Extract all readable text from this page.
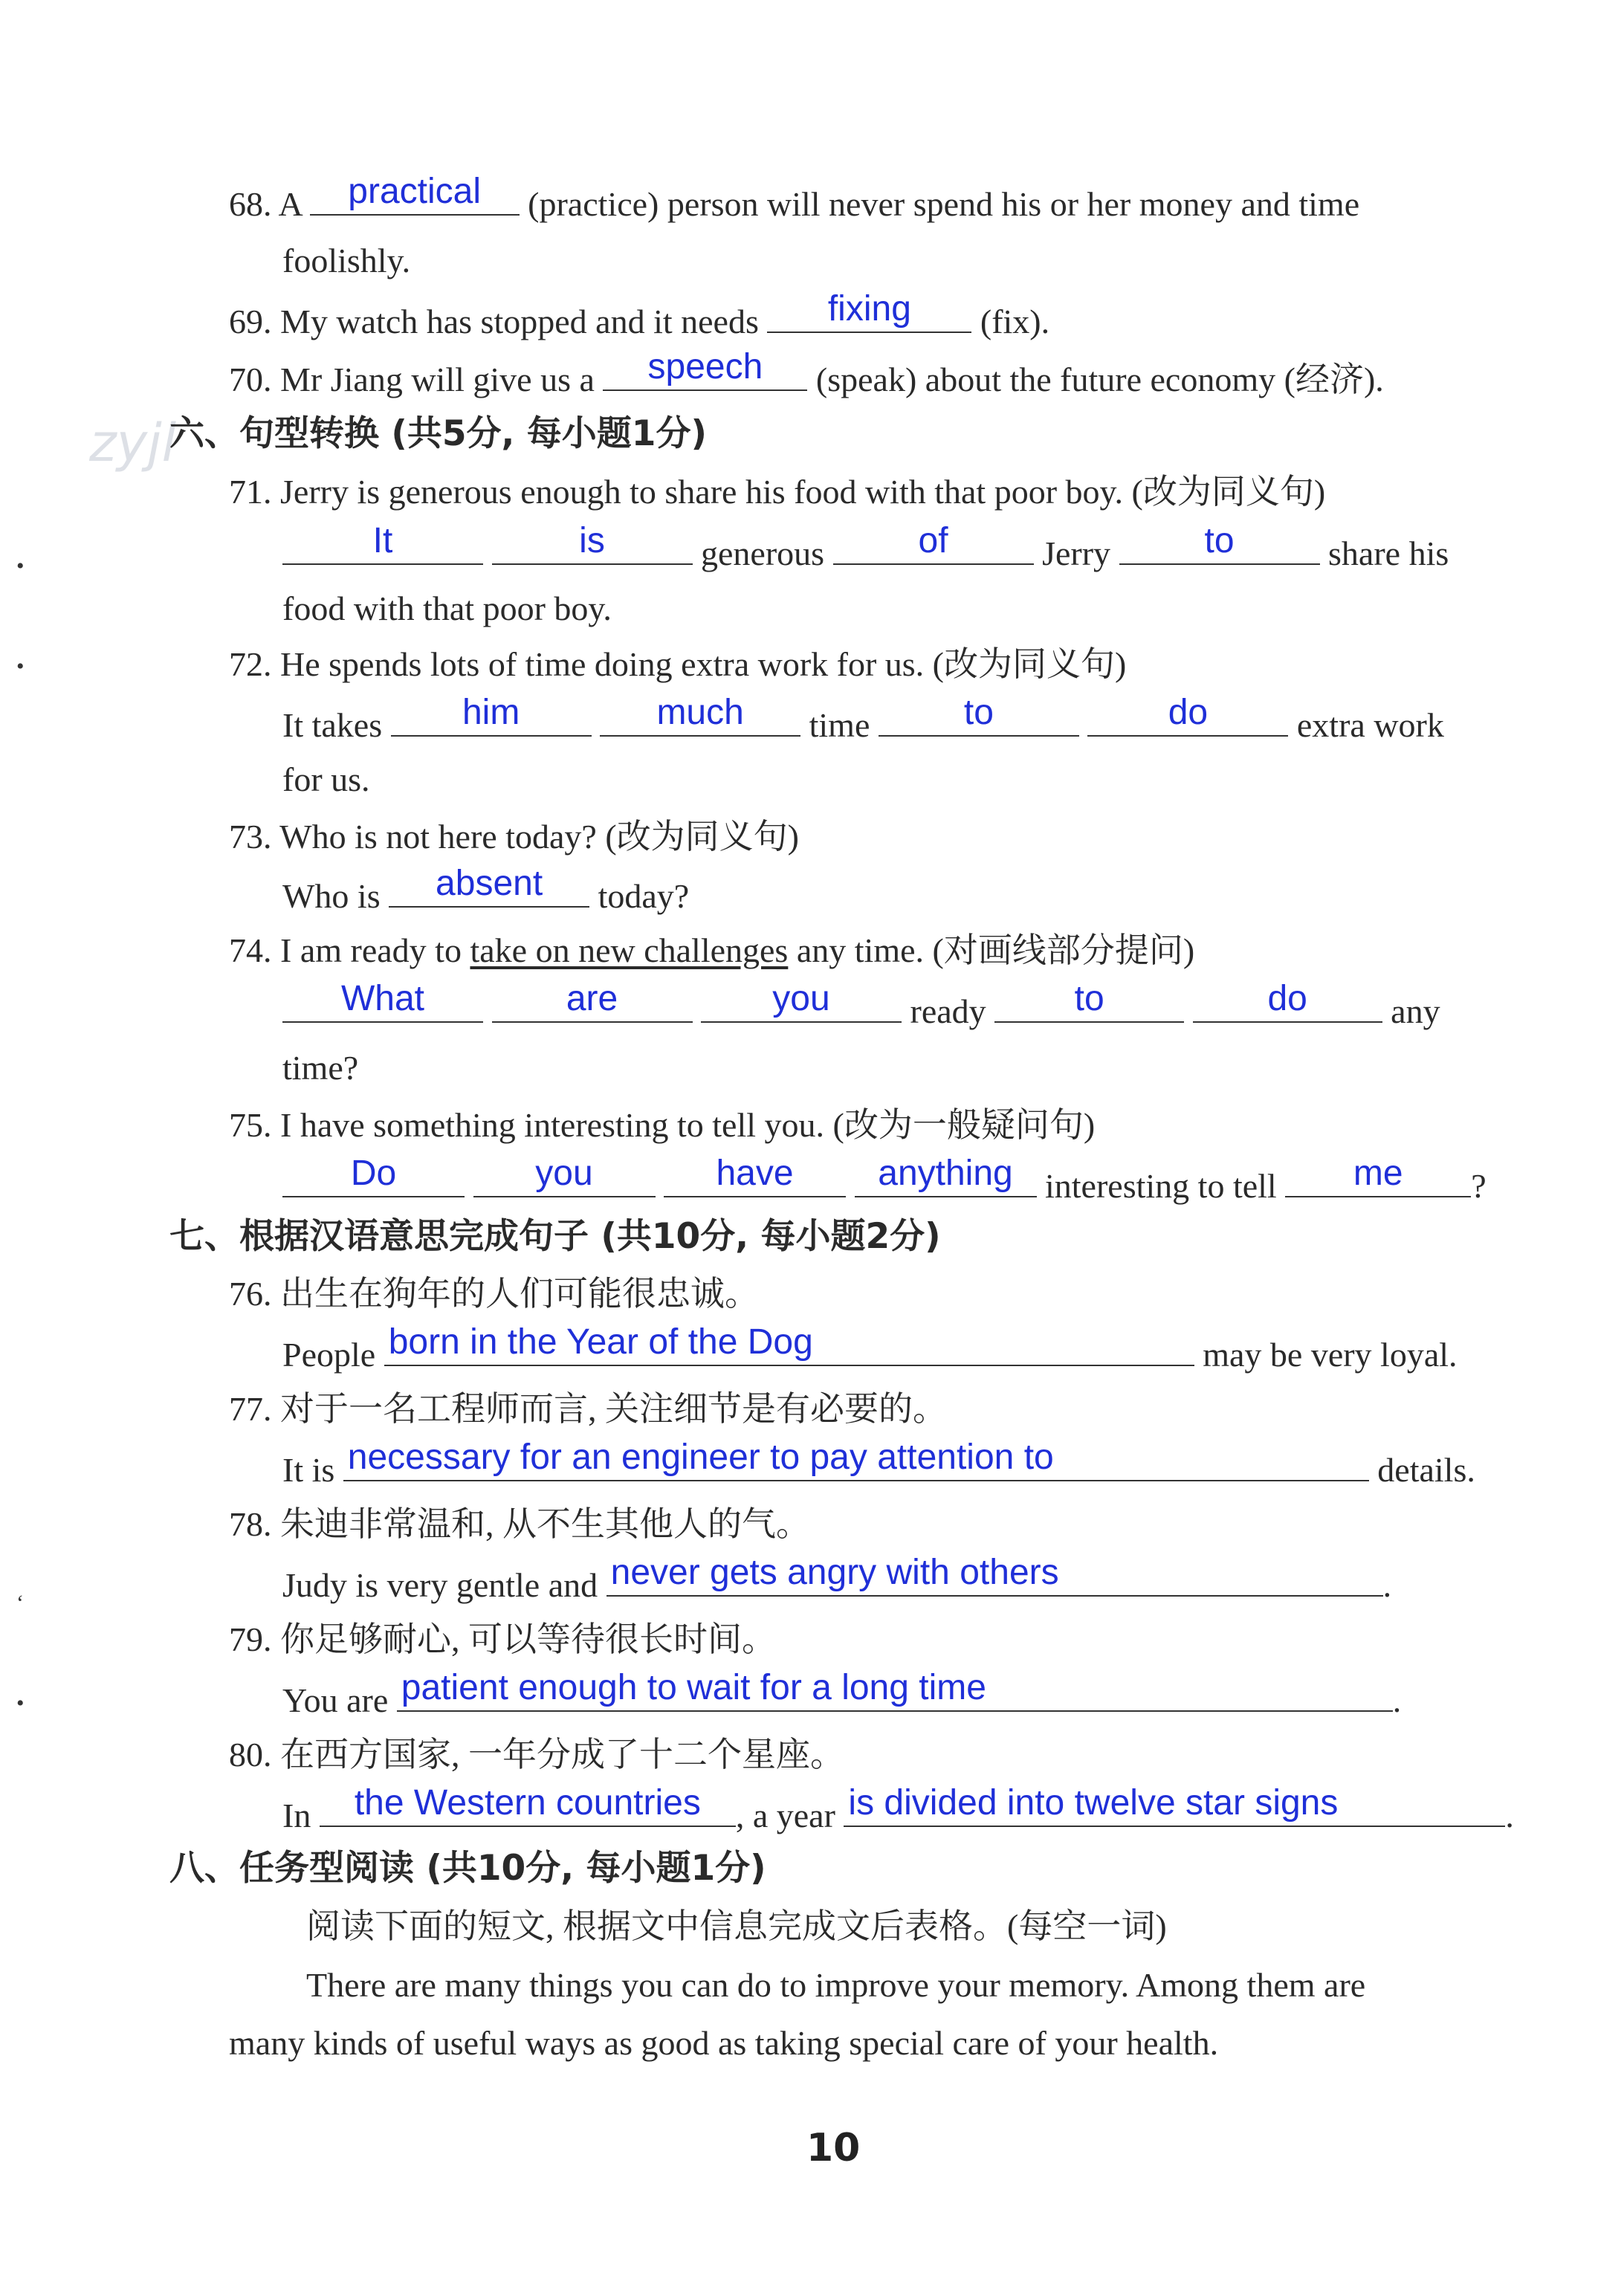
zyjl
•
•
‘
•
68. A	practical	(practice) person will never spend his or her money and time
foolishly.
69. My watch has stopped and it needs	fixing	(fix).
70. Mr Jiang will give us a	speech	(speak) about the future economy (经济).
六、句型转换 (共5分, 每小题1分)
71. Jerry is generous enough to share his food with that poor boy. (改为同义句)
It
	is	generous	of	Jerry	to	share his
food with that poor boy.
72. He spends lots of time doing extra work for us. (改为同义句)
It takes	him
	much	time	to
	do	extra work
for us.
73. Who is not here today? (改为同义句)
Who is	absent	today?
74. I am ready to take on new challenges any time. (对画线部分提问)
What
	are
	you	ready	to
	do	any
time?
75. I have something interesting to tell you. (改为一般疑问句)
Do
	you
	have
	anything interesting to tell	me	?
七、根据汉语意思完成句子 (共10分, 每小题2分)
76. 出生在狗年的人们可能很忠诚。
People born in the Year of the Dog	may be very loyal.
77. 对于一名工程师而言, 关注细节是有必要的。
It is necessary for an engineer to pay attention to	details.
78. 朱迪非常温和, 从不生其他人的气。
Judy is very gentle and never gets angry with others	.
79. 你足够耐心, 可以等待很长时间。
You are patient enough to wait for a long time	.
80. 在西方国家, 一年分成了十二个星座。
In	the Western countries	, a year is divided into twelve star signs	.
八、任务型阅读 (共10分, 每小题1分)
阅读下面的短文, 根据文中信息完成文后表格。(每空一词)
There are many things you can do to improve your memory. Among them are
many kinds of useful ways as good as taking special care of your health.
10
